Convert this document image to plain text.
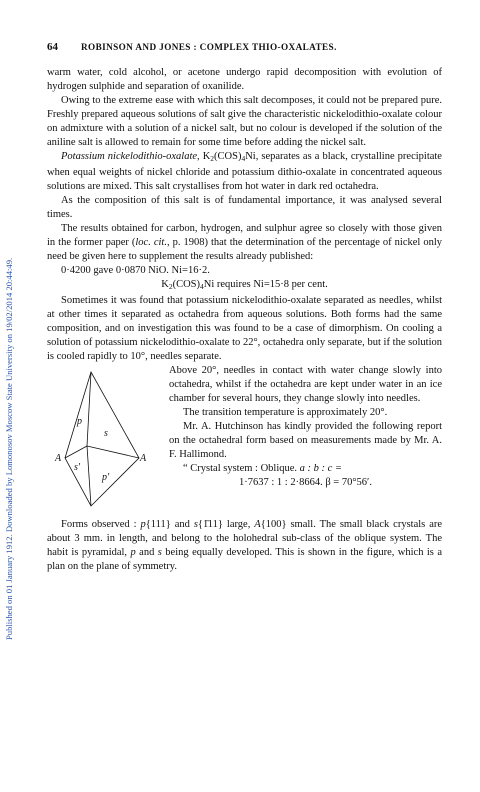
Published on 01 January 1912. Downloaded by Lomonosov Moscow State University on 19/02/2014 20:44:49.
64	ROBINSON AND JONES : COMPLEX THIO-OXALATES.

warm water, cold alcohol, or acetone undergo rapid decomposition with evolution of hydrogen sulphide and separation of oxanilide.

Owing to the extreme ease with which this salt decomposes, it could not be prepared pure. Freshly prepared aqueous solutions of salt give the characteristic nickelodithio-oxalate colour on admixture with a solution of a nickel salt, but no colour is developed if the solution of the aniline salt is allowed to remain for some time before adding the nickel salt.

Potassium nickelodithio-oxalate, $K_2(COS)_4Ni$, separates as a black, crystalline precipitate when equal weights of nickel chloride and potassium dithio-oxalate in concentrated aqueous solutions are mixed. This salt crystallises from hot water in dark red octahedra.

As the composition of this salt is of fundamental importance, it was analysed several times.

The results obtained for carbon, hydrogen, and sulphur agree so closely with those given in the former paper (loc. cit., p. 1908) that the determination of the percentage of nickel only need be given here to supplement the results already published:

0·4200 gave 0·0870 NiO. Ni=16·2.

$K_2(COS)_4Ni$ requires Ni=15·8 per cent.

Sometimes it was found that potassium nickelodithio-oxalate separated as needles, whilst at other times it separated as octahedra from aqueous solutions. Both forms had the same composition, and on investigation this was found to be a case of dimorphism. On cooling a solution of potassium nickelodithio-oxalate to 22°, octahedra only separate, but if the solution is cooled rapidly to 10°, needles separate.

p
s
A	A
s′
p′

Above 20°, needles in contact with water change slowly into octahedra, whilst if the octahedra are kept under water in an ice chamber for several hours, they change slowly into needles.

The transition temperature is approximately 20°.

Mr. A. Hutchinson has kindly provided the following report on the octahedral form based on measurements made by Mr. A. F. Hallimond.

“ Crystal system : Oblique. a : b : c =

1·7637 : 1 : 2·8664. β = 70°56′.

Forms observed : p{111} and s{1̄11} large, A{100} small. The small black crystals are about 3 mm. in length, and belong to the holohedral sub-class of the oblique system. The habit is pyramidal, p and s being equally developed. This is shown in the figure, which is a plan on the plane of symmetry.
